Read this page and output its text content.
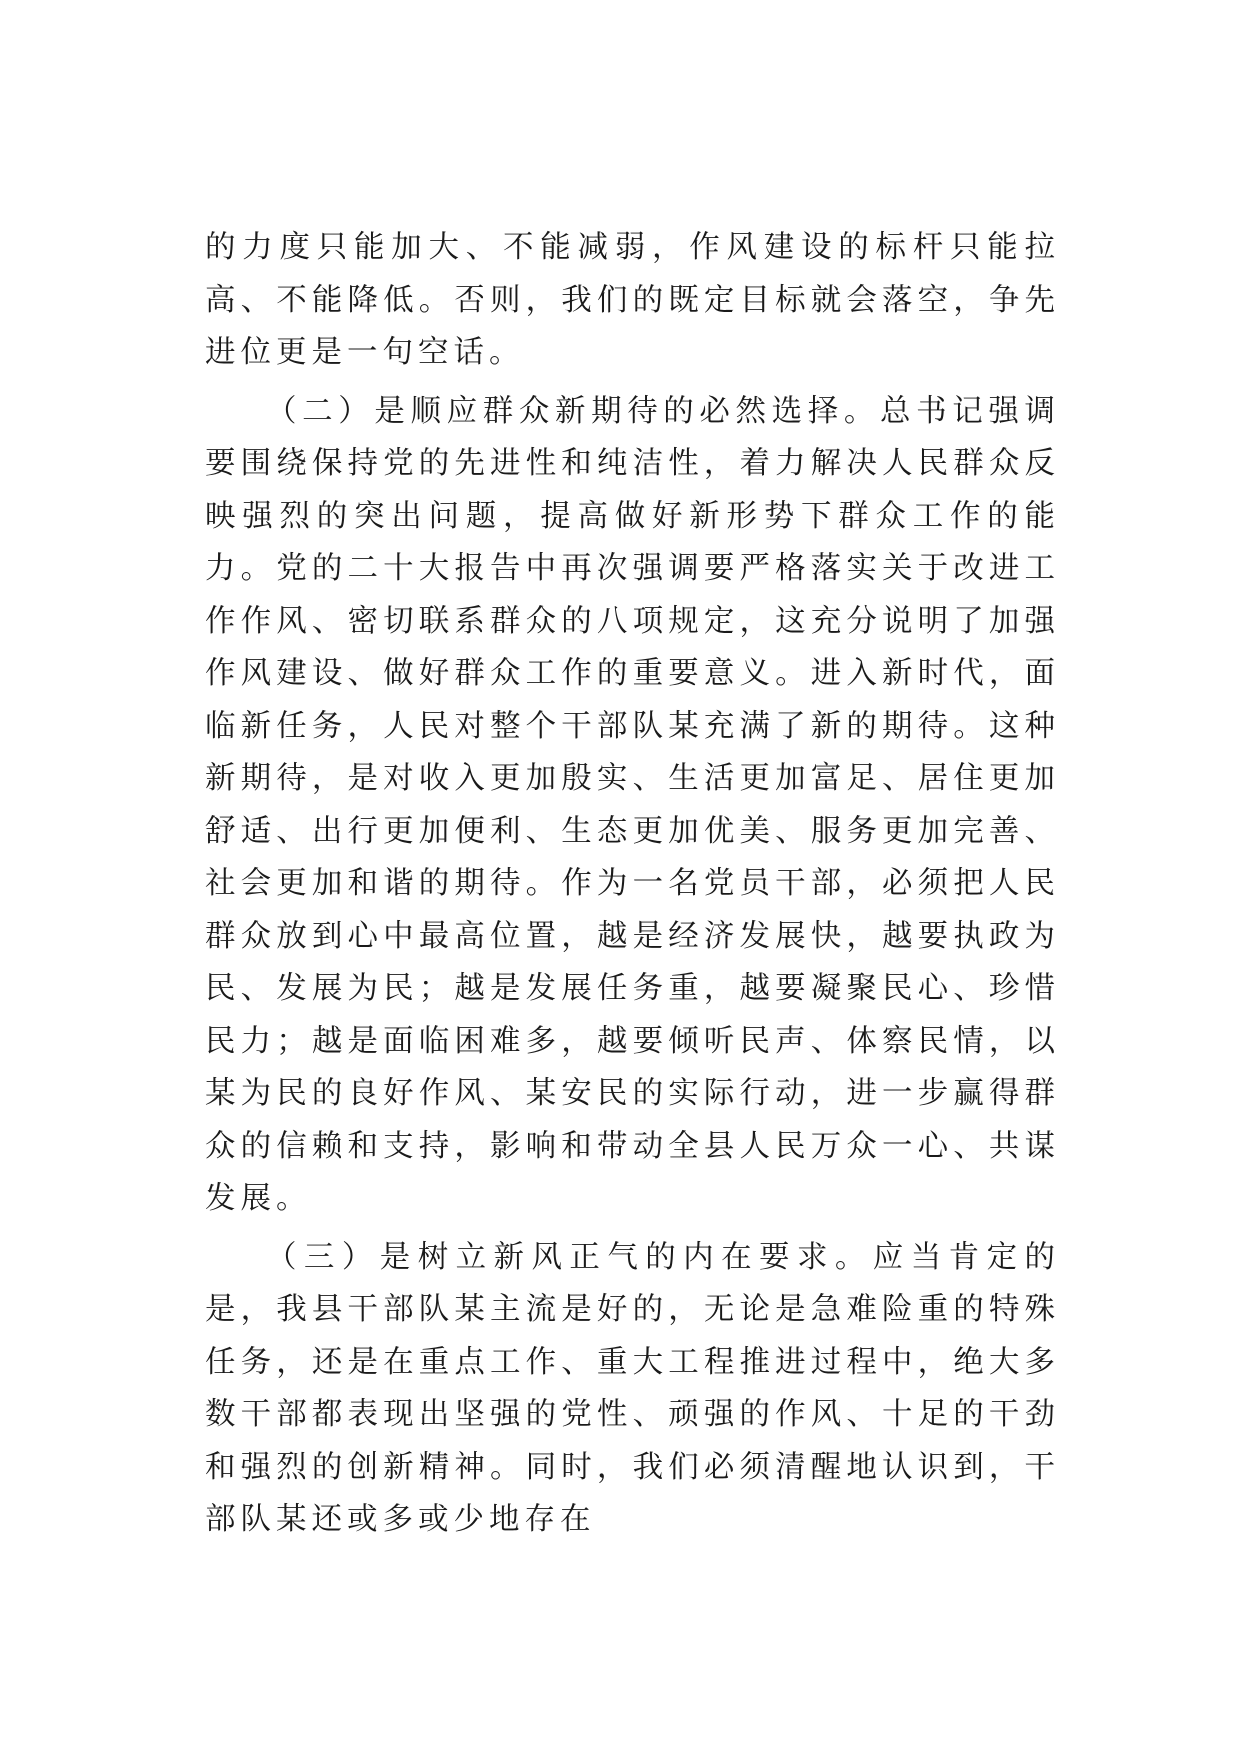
的力度只能加大、不能减弱，作风建设的标杆只能拉高、不能降低。否则，我们的既定目标就会落空，争先进位更是一句空话。

（二）是顺应群众新期待的必然选择。总书记强调要围绕保持党的先进性和纯洁性，着力解决人民群众反映强烈的突出问题，提高做好新形势下群众工作的能力。党的二十大报告中再次强调要严格落实关于改进工作作风、密切联系群众的八项规定，这充分说明了加强作风建设、做好群众工作的重要意义。进入新时代，面临新任务，人民对整个干部队某充满了新的期待。这种新期待，是对收入更加殷实、生活更加富足、居住更加舒适、出行更加便利、生态更加优美、服务更加完善、社会更加和谐的期待。作为一名党员干部，必须把人民群众放到心中最高位置，越是经济发展快，越要执政为民、发展为民；越是发展任务重，越要凝聚民心、珍惜民力；越是面临困难多，越要倾听民声、体察民情，以某为民的良好作风、某安民的实际行动，进一步赢得群众的信赖和支持，影响和带动全县人民万众一心、共谋发展。

（三）是树立新风正气的内在要求。应当肯定的是，我县干部队某主流是好的，无论是急难险重的特殊任务，还是在重点工作、重大工程推进过程中，绝大多数干部都表现出坚强的党性、顽强的作风、十足的干劲和强烈的创新精神。同时，我们必须清醒地认识到，干部队某还或多或少地存在
